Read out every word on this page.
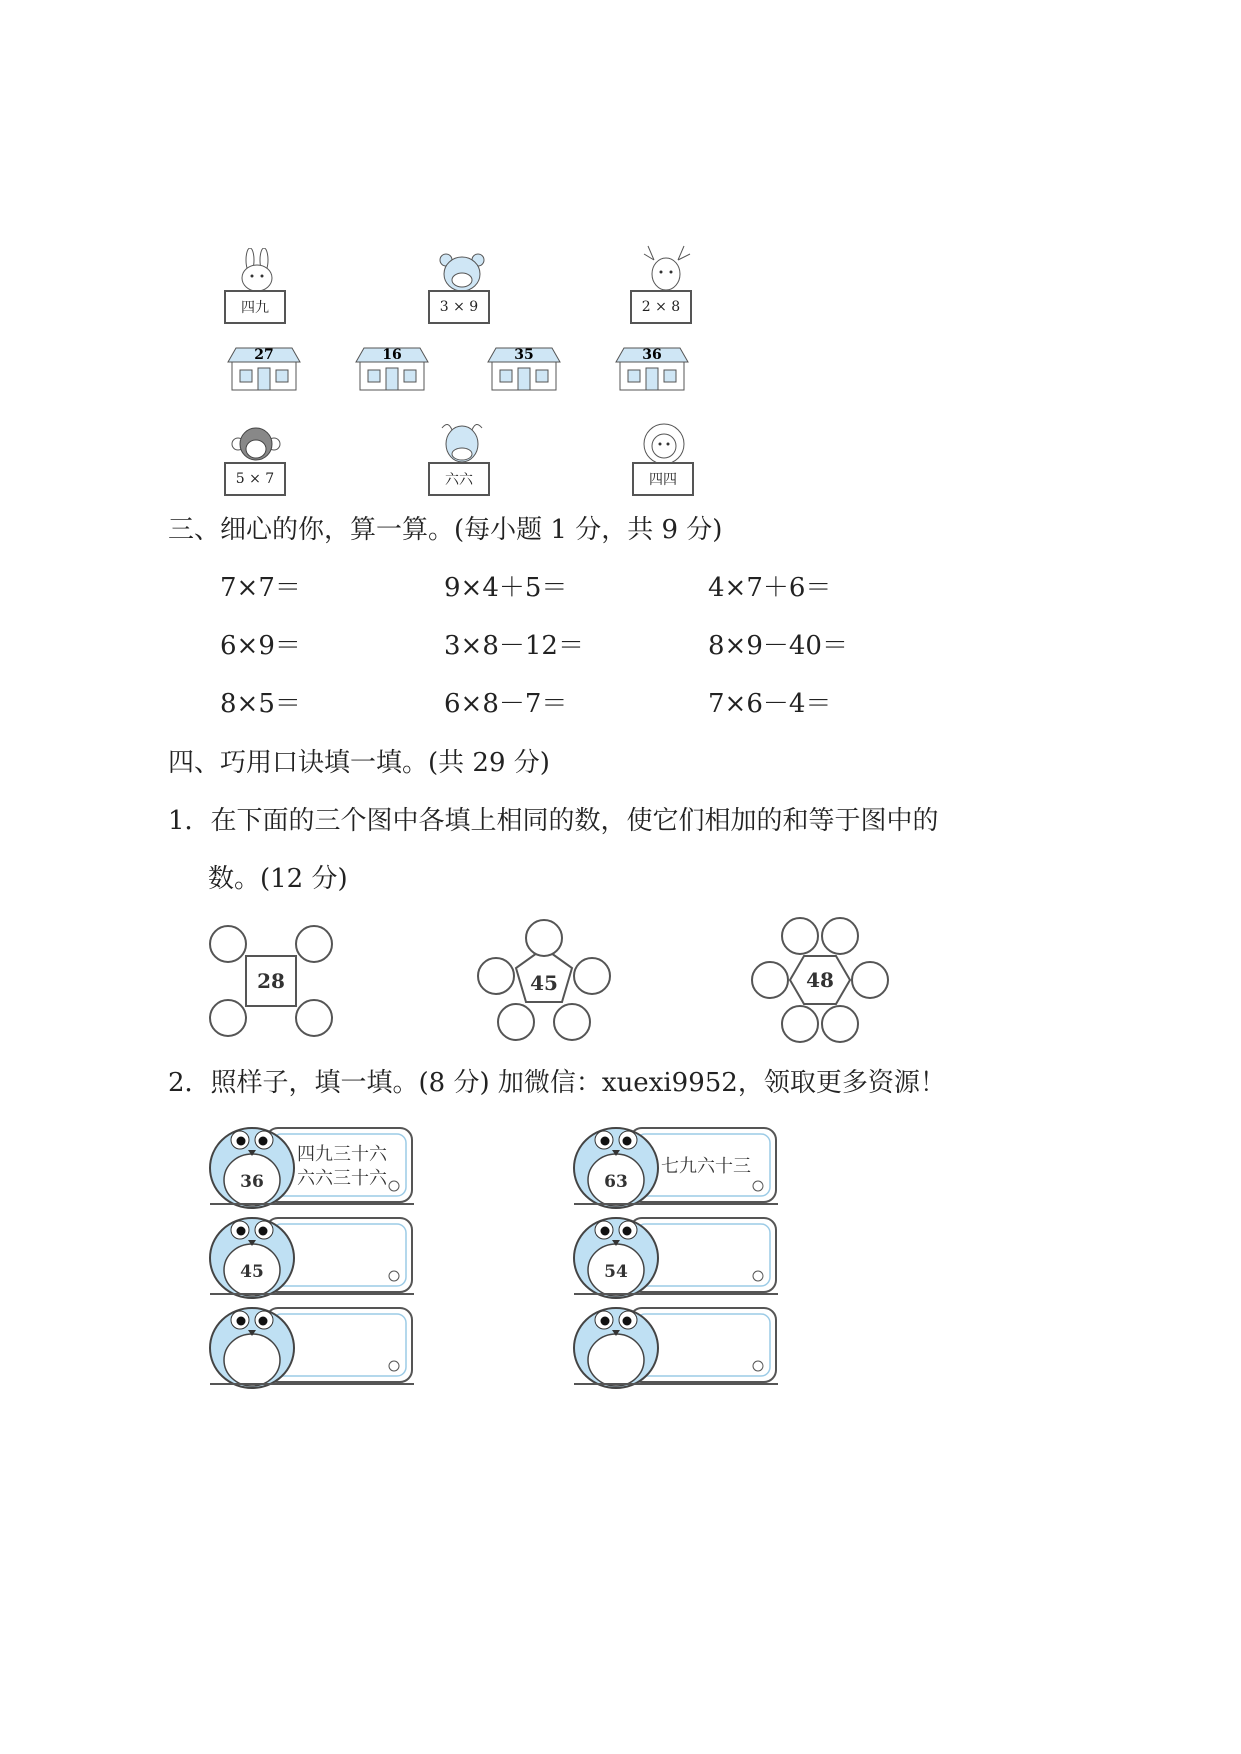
四九	3 × 9	2 × 8
27	16	35	36
5 × 7	六六	四四
三、细心的你，算一算。(每小题 1 分，共 9 分)
7×7＝	9×4＋5＝	4×7＋6＝
6×9＝	3×8－12＝	8×9－40＝
8×5＝	6×8－7＝	7×6－4＝
四、巧用口诀填一填。(共 29 分)
1．在下面的三个图中各填上相同的数，使它们相加的和等于图中的
数。(12 分)
28	45	48
2．照样子，填一填。(8 分) 加微信：xuexi9952，领取更多资源！
36
四九三十六
六六三十六
45
63
七九六十三
54
